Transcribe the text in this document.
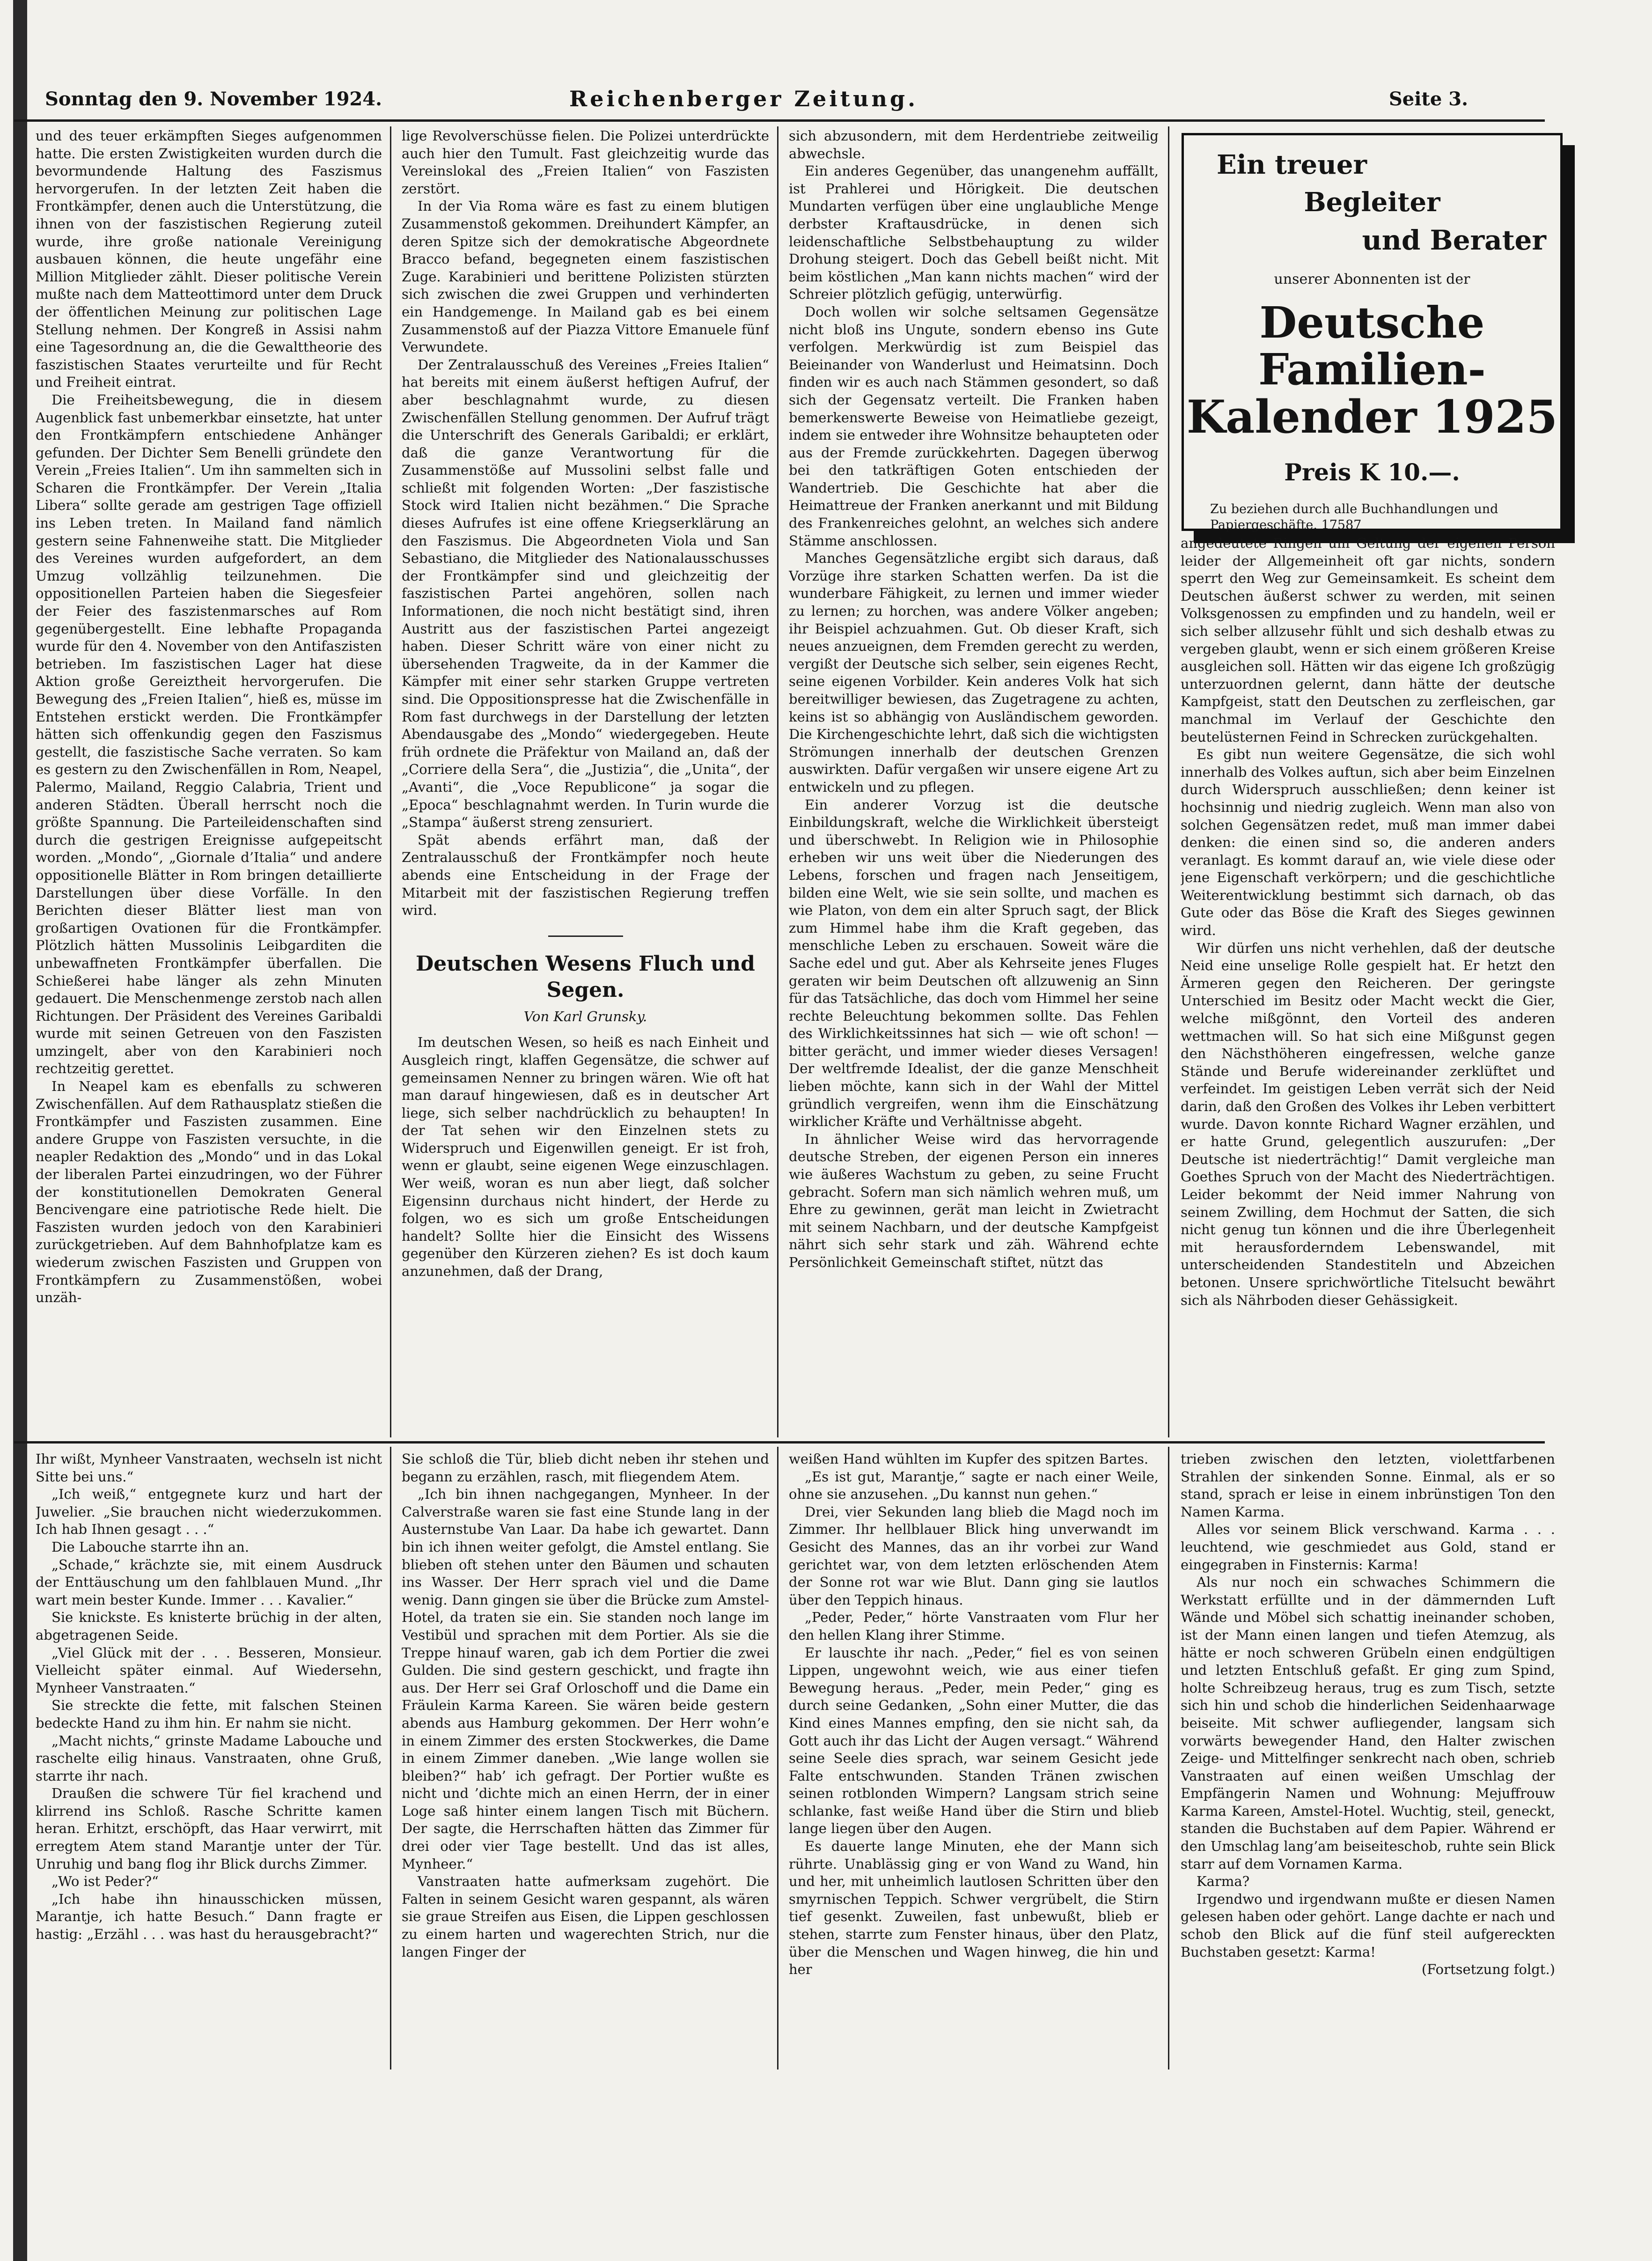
Sonntag den 9. November 1924.	Reichenberger Zeitung.	Seite 3.

und des teuer erkämpften Sieges aufgenommen hatte. Die ersten Zwistigkeiten wurden durch die bevormundende Haltung des Faszismus hervorgerufen. In der letzten Zeit haben die Frontkämpfer, denen auch die Unterstützung, die ihnen von der faszistischen Regierung zuteil wurde, ihre große nationale Vereinigung ausbauen können, die heute ungefähr eine Million Mitglieder zählt. Dieser politische Verein mußte nach dem Matteottimord unter dem Druck der öffentlichen Meinung zur politischen Lage Stellung nehmen. Der Kongreß in Assisi nahm eine Tagesordnung an, die die Gewalttheorie des faszistischen Staates verurteilte und für Recht und Freiheit eintrat.

Die Freiheitsbewegung, die in diesem Augenblick fast unbemerkbar einsetzte, hat unter den Frontkämpfern entschiedene Anhänger gefunden. Der Dichter Sem Benelli gründete den Verein „Freies Italien“. Um ihn sammelten sich in Scharen die Frontkämpfer. Der Verein „Italia Libera“ sollte gerade am gestrigen Tage offiziell ins Leben treten. In Mailand fand nämlich gestern seine Fahnenweihe statt. Die Mitglieder des Vereines wurden aufgefordert, an dem Umzug vollzählig teilzunehmen. Die oppositionellen Parteien haben die Siegesfeier der Feier des faszistenmarsches auf Rom gegenübergestellt. Eine lebhafte Propaganda wurde für den 4. November von den Antifaszisten betrieben. Im faszistischen Lager hat diese Aktion große Gereiztheit hervorgerufen. Die Bewegung des „Freien Italien“, hieß es, müsse im Entstehen erstickt werden. Die Frontkämpfer hätten sich offenkundig gegen den Faszismus gestellt, die faszistische Sache verraten. So kam es gestern zu den Zwischenfällen in Rom, Neapel, Palermo, Mailand, Reggio Calabria, Trient und anderen Städten. Überall herrscht noch die größte Spannung. Die Parteileidenschaften sind durch die gestrigen Ereignisse aufgepeitscht worden. „Mondo“, „Giornale d’Italia“ und andere oppositionelle Blätter in Rom bringen detaillierte Darstellungen über diese Vorfälle. In den Berichten dieser Blätter liest man von großartigen Ovationen für die Frontkämpfer. Plötzlich hätten Mussolinis Leibgarditen die unbewaffneten Frontkämpfer überfallen. Die Schießerei habe länger als zehn Minuten gedauert. Die Menschenmenge zerstob nach allen Richtungen. Der Präsident des Vereines Garibaldi wurde mit seinen Getreuen von den Faszisten umzingelt, aber von den Karabinieri noch rechtzeitig gerettet.

In Neapel kam es ebenfalls zu schweren Zwischenfällen. Auf dem Rathausplatz stießen die Frontkämpfer und Faszisten zusammen. Eine andere Gruppe von Faszisten versuchte, in die neapler Redaktion des „Mondo“ und in das Lokal der liberalen Partei einzudringen, wo der Führer der konstitutionellen Demokraten General Bencivengare eine patriotische Rede hielt. Die Faszisten wurden jedoch von den Karabinieri zurückgetrieben. Auf dem Bahnhofplatze kam es wiederum zwischen Faszisten und Gruppen von Frontkämpfern zu Zusammenstößen, wobei unzäh-

lige Revolverschüsse fielen. Die Polizei unterdrückte auch hier den Tumult. Fast gleichzeitig wurde das Vereinslokal des „Freien Italien“ von Faszisten zerstört.

In der Via Roma wäre es fast zu einem blutigen Zusammenstoß gekommen. Dreihundert Kämpfer, an deren Spitze sich der demokratische Abgeordnete Bracco befand, begegneten einem faszistischen Zuge. Karabinieri und berittene Polizisten stürzten sich zwischen die zwei Gruppen und verhinderten ein Handgemenge. In Mailand gab es bei einem Zusammenstoß auf der Piazza Vittore Emanuele fünf Verwundete.

Der Zentralausschuß des Vereines „Freies Italien“ hat bereits mit einem äußerst heftigen Aufruf, der aber beschlagnahmt wurde, zu diesen Zwischenfällen Stellung genommen. Der Aufruf trägt die Unterschrift des Generals Garibaldi; er erklärt, daß die ganze Verantwortung für die Zusammenstöße auf Mussolini selbst falle und schließt mit folgenden Worten: „Der faszistische Stock wird Italien nicht bezähmen.“ Die Sprache dieses Aufrufes ist eine offene Kriegserklärung an den Faszismus. Die Abgeordneten Viola und San Sebastiano, die Mitglieder des Nationalausschusses der Frontkämpfer sind und gleichzeitig der faszistischen Partei angehören, sollen nach Informationen, die noch nicht bestätigt sind, ihren Austritt aus der faszistischen Partei angezeigt haben. Dieser Schritt wäre von einer nicht zu übersehenden Tragweite, da in der Kammer die Kämpfer mit einer sehr starken Gruppe vertreten sind. Die Oppositionspresse hat die Zwischenfälle in Rom fast durchwegs in der Darstellung der letzten Abendausgabe des „Mondo“ wiedergegeben. Heute früh ordnete die Präfektur von Mailand an, daß der „Corriere della Sera“, die „Justizia“, die „Unita“, der „Avanti“, die „Voce Republicone“ ja sogar die „Epoca“ beschlagnahmt werden. In Turin wurde die „Stampa“ äußerst streng zensuriert.

Spät abends erfährt man, daß der Zentralausschuß der Frontkämpfer noch heute abends eine Entscheidung in der Frage der Mitarbeit mit der faszistischen Regierung treffen wird.

Deutschen Wesens Fluch und Segen.
Von Karl Grunsky.

Im deutschen Wesen, so heiß es nach Einheit und Ausgleich ringt, klaffen Gegensätze, die schwer auf gemeinsamen Nenner zu bringen wären. Wie oft hat man darauf hingewiesen, daß es in deutscher Art liege, sich selber nachdrücklich zu behaupten! In der Tat sehen wir den Einzelnen stets zu Widerspruch und Eigenwillen geneigt. Er ist froh, wenn er glaubt, seine eigenen Wege einzuschlagen. Wer weiß, woran es nun aber liegt, daß solcher Eigensinn durchaus nicht hindert, der Herde zu folgen, wo es sich um große Entscheidungen handelt? Sollte hier die Einsicht des Wissens gegenüber den Kürzeren ziehen? Es ist doch kaum anzunehmen, daß der Drang,

sich abzusondern, mit dem Herdentriebe zeitweilig abwechsle.

Ein anderes Gegenüber, das unangenehm auffällt, ist Prahlerei und Hörigkeit. Die deutschen Mundarten verfügen über eine unglaubliche Menge derbster Kraftausdrücke, in denen sich leidenschaftliche Selbstbehauptung zu wilder Drohung steigert. Doch das Gebell beißt nicht. Mit beim köstlichen „Man kann nichts machen“ wird der Schreier plötzlich gefügig, unterwürfig.

Doch wollen wir solche seltsamen Gegensätze nicht bloß ins Ungute, sondern ebenso ins Gute verfolgen. Merkwürdig ist zum Beispiel das Beieinander von Wanderlust und Heimatsinn. Doch finden wir es auch nach Stämmen gesondert, so daß sich der Gegensatz verteilt. Die Franken haben bemerkenswerte Beweise von Heimatliebe gezeigt, indem sie entweder ihre Wohnsitze behaupteten oder aus der Fremde zurückkehrten. Dagegen überwog bei den tatkräftigen Goten entschieden der Wandertrieb. Die Geschichte hat aber die Heimattreue der Franken anerkannt und mit Bildung des Frankenreiches gelohnt, an welches sich andere Stämme anschlossen.

Manches Gegensätzliche ergibt sich daraus, daß Vorzüge ihre starken Schatten werfen. Da ist die wunderbare Fähigkeit, zu lernen und immer wieder zu lernen; zu horchen, was andere Völker angeben; ihr Beispiel achzuahmen. Gut. Ob dieser Kraft, sich neues anzueignen, dem Fremden gerecht zu werden, vergißt der Deutsche sich selber, sein eigenes Recht, seine eigenen Vorbilder. Kein anderes Volk hat sich bereitwilliger bewiesen, das Zugetragene zu achten, keins ist so abhängig von Ausländischem geworden. Die Kirchengeschichte lehrt, daß sich die wichtigsten Strömungen innerhalb der deutschen Grenzen auswirkten. Dafür vergaßen wir unsere eigene Art zu entwickeln und zu pflegen.

Ein anderer Vorzug ist die deutsche Einbildungskraft, welche die Wirklichkeit übersteigt und überschwebt. In Religion wie in Philosophie erheben wir uns weit über die Niederungen des Lebens, forschen und fragen nach Jenseitigem, bilden eine Welt, wie sie sein sollte, und machen es wie Platon, von dem ein alter Spruch sagt, der Blick zum Himmel habe ihm die Kraft gegeben, das menschliche Leben zu erschauen. Soweit wäre die Sache edel und gut. Aber als Kehrseite jenes Fluges geraten wir beim Deutschen oft allzuwenig an Sinn für das Tatsächliche, das doch vom Himmel her seine rechte Beleuchtung bekommen sollte. Das Fehlen des Wirklichkeitssinnes hat sich — wie oft schon! — bitter gerächt, und immer wieder dieses Versagen! Der weltfremde Idealist, der die ganze Menschheit lieben möchte, kann sich in der Wahl der Mittel gründlich vergreifen, wenn ihm die Einschätzung wirklicher Kräfte und Verhältnisse abgeht.

In ähnlicher Weise wird das hervorragende deutsche Streben, der eigenen Person ein inneres wie äußeres Wachstum zu geben, zu seine Frucht gebracht. Sofern man sich nämlich wehren muß, um Ehre zu gewinnen, gerät man leicht in Zwietracht mit seinem Nachbarn, und der deutsche Kampfgeist nährt sich sehr stark und zäh. Während echte Persönlichkeit Gemeinschaft stiftet, nützt das

Ein treuer
Begleiter
und Berater
unserer Abonnenten ist der
Deutsche Familien-
Kalender 1925
Preis K 10.—.
Zu beziehen durch alle Buchhandlungen und Papiergeschäfte. 17587

angedeutete Ringen um Geltung der eigenen Person leider der Allgemeinheit oft gar nichts, sondern sperrt den Weg zur Gemeinsamkeit. Es scheint dem Deutschen äußerst schwer zu werden, mit seinen Volksgenossen zu empfinden und zu handeln, weil er sich selber allzusehr fühlt und sich deshalb etwas zu vergeben glaubt, wenn er sich einem größeren Kreise ausgleichen soll. Hätten wir das eigene Ich großzügig unterzuordnen gelernt, dann hätte der deutsche Kampfgeist, statt den Deutschen zu zerfleischen, gar manchmal im Verlauf der Geschichte den beutelüsternen Feind in Schrecken zurückgehalten.

Es gibt nun weitere Gegensätze, die sich wohl innerhalb des Volkes auftun, sich aber beim Einzelnen durch Widerspruch ausschließen; denn keiner ist hochsinnig und niedrig zugleich. Wenn man also von solchen Gegensätzen redet, muß man immer dabei denken: die einen sind so, die anderen anders veranlagt. Es kommt darauf an, wie viele diese oder jene Eigenschaft verkörpern; und die geschichtliche Weiterentwicklung bestimmt sich darnach, ob das Gute oder das Böse die Kraft des Sieges gewinnen wird.

Wir dürfen uns nicht verhehlen, daß der deutsche Neid eine unselige Rolle gespielt hat. Er hetzt den Ärmeren gegen den Reicheren. Der geringste Unterschied im Besitz oder Macht weckt die Gier, welche mißgönnt, den Vorteil des anderen wettmachen will. So hat sich eine Mißgunst gegen den Nächsthöheren eingefressen, welche ganze Stände und Berufe widereinander zerklüftet und verfeindet. Im geistigen Leben verrät sich der Neid darin, daß den Großen des Volkes ihr Leben verbittert wurde. Davon konnte Richard Wagner erzählen, und er hatte Grund, gelegentlich auszurufen: „Der Deutsche ist niederträchtig!“ Damit vergleiche man Goethes Spruch von der Macht des Niederträchtigen. Leider bekommt der Neid immer Nahrung von seinem Zwilling, dem Hochmut der Satten, die sich nicht genug tun können und die ihre Überlegenheit mit herausforderndem Lebenswandel, mit unterscheidenden Standestiteln und Abzeichen betonen. Unsere sprichwörtliche Titelsucht bewährt sich als Nährboden dieser Gehässigkeit.

Ihr wißt, Mynheer Vanstraaten, wechseln ist nicht Sitte bei uns.“

„Ich weiß,“ entgegnete kurz und hart der Juwelier. „Sie brauchen nicht wiederzukommen. Ich hab Ihnen gesagt . . .“

Die Labouche starrte ihn an.

„Schade,“ krächzte sie, mit einem Ausdruck der Enttäuschung um den fahlblauen Mund. „Ihr wart mein bester Kunde. Immer . . . Kavalier.“

Sie knickste. Es knisterte brüchig in der alten, abgetragenen Seide.

„Viel Glück mit der . . . Besseren, Monsieur. Vielleicht später einmal. Auf Wiedersehn, Mynheer Vanstraaten.“

Sie streckte die fette, mit falschen Steinen bedeckte Hand zu ihm hin. Er nahm sie nicht.

„Macht nichts,“ grinste Madame Labouche und raschelte eilig hinaus. Vanstraaten, ohne Gruß, starrte ihr nach.

Draußen die schwere Tür fiel krachend und klirrend ins Schloß. Rasche Schritte kamen heran. Erhitzt, erschöpft, das Haar verwirrt, mit erregtem Atem stand Marantje unter der Tür. Unruhig und bang flog ihr Blick durchs Zimmer.

„Wo ist Peder?“

„Ich habe ihn hinausschicken müssen, Marantje, ich hatte Besuch.“ Dann fragte er hastig: „Erzähl . . . was hast du herausgebracht?“

Sie schloß die Tür, blieb dicht neben ihr stehen und begann zu erzählen, rasch, mit fliegendem Atem.

„Ich bin ihnen nachgegangen, Mynheer. In der Calverstraße waren sie fast eine Stunde lang in der Austernstube Van Laar. Da habe ich gewartet. Dann bin ich ihnen weiter gefolgt, die Amstel entlang. Sie blieben oft stehen unter den Bäumen und schauten ins Wasser. Der Herr sprach viel und die Dame wenig. Dann gingen sie über die Brücke zum Amstel-Hotel, da traten sie ein. Sie standen noch lange im Vestibül und sprachen mit dem Portier. Als sie die Treppe hinauf waren, gab ich dem Portier die zwei Gulden. Die sind gestern geschickt, und fragte ihn aus. Der Herr sei Graf Orloschoff und die Dame ein Fräulein Karma Kareen. Sie wären beide gestern abends aus Hamburg gekommen. Der Herr wohn’e in einem Zimmer des ersten Stockwerkes, die Dame in einem Zimmer daneben. „Wie lange wollen sie bleiben?“ hab’ ich gefragt. Der Portier wußte es nicht und ’dichte mich an einen Herrn, der in einer Loge saß hinter einem langen Tisch mit Büchern. Der sagte, die Herrschaften hätten das Zimmer für drei oder vier Tage bestellt. Und das ist alles, Mynheer.“

Vanstraaten hatte aufmerksam zugehört. Die Falten in seinem Gesicht waren gespannt, als wären sie graue Streifen aus Eisen, die Lippen geschlossen zu einem harten und wagerechten Strich, nur die langen Finger der

weißen Hand wühlten im Kupfer des spitzen Bartes.

„Es ist gut, Marantje,“ sagte er nach einer Weile, ohne sie anzusehen. „Du kannst nun gehen.“

Drei, vier Sekunden lang blieb die Magd noch im Zimmer. Ihr hellblauer Blick hing unverwandt im Gesicht des Mannes, das an ihr vorbei zur Wand gerichtet war, von dem letzten erlöschenden Atem der Sonne rot war wie Blut. Dann ging sie lautlos über den Teppich hinaus.

„Peder, Peder,“ hörte Vanstraaten vom Flur her den hellen Klang ihrer Stimme.

Er lauschte ihr nach. „Peder,“ fiel es von seinen Lippen, ungewohnt weich, wie aus einer tiefen Bewegung heraus. „Peder, mein Peder,“ ging es durch seine Gedanken, „Sohn einer Mutter, die das Kind eines Mannes empfing, den sie nicht sah, da Gott auch ihr das Licht der Augen versagt.“ Während seine Seele dies sprach, war seinem Gesicht jede Falte entschwunden. Standen Tränen zwischen seinen rotblonden Wimpern? Langsam strich seine schlanke, fast weiße Hand über die Stirn und blieb lange liegen über den Augen.

Es dauerte lange Minuten, ehe der Mann sich rührte. Unablässig ging er von Wand zu Wand, hin und her, mit unheimlich lautlosen Schritten über den smyrnischen Teppich. Schwer vergrübelt, die Stirn tief gesenkt. Zuweilen, fast unbewußt, blieb er stehen, starrte zum Fenster hinaus, über den Platz, über die Menschen und Wagen hinweg, die hin und her

trieben zwischen den letzten, violettfarbenen Strahlen der sinkenden Sonne. Einmal, als er so stand, sprach er leise in einem inbrünstigen Ton den Namen Karma.

Alles vor seinem Blick verschwand. Karma . . . leuchtend, wie geschmiedet aus Gold, stand er eingegraben in Finsternis: Karma!

Als nur noch ein schwaches Schimmern die Werkstatt erfüllte und in der dämmernden Luft Wände und Möbel sich schattig ineinander schoben, ist der Mann einen langen und tiefen Atemzug, als hätte er noch schweren Grübeln einen endgültigen und letzten Entschluß gefaßt. Er ging zum Spind, holte Schreibzeug heraus, trug es zum Tisch, setzte sich hin und schob die hinderlichen Seidenhaarwage beiseite. Mit schwer aufliegender, langsam sich vorwärts bewegender Hand, den Halter zwischen Zeige- und Mittelfinger senkrecht nach oben, schrieb Vanstraaten auf einen weißen Umschlag der Empfängerin Namen und Wohnung: Mejuffrouw Karma Kareen, Amstel-Hotel. Wuchtig, steil, geneckt, standen die Buchstaben auf dem Papier. Während er den Umschlag lang’am beiseiteschob, ruhte sein Blick starr auf dem Vornamen Karma.

Karma?

Irgendwo und irgendwann mußte er diesen Namen gelesen haben oder gehört. Lange dachte er nach und schob den Blick auf die fünf steil aufgereckten Buchstaben gesetzt: Karma!

(Fortsetzung folgt.)
